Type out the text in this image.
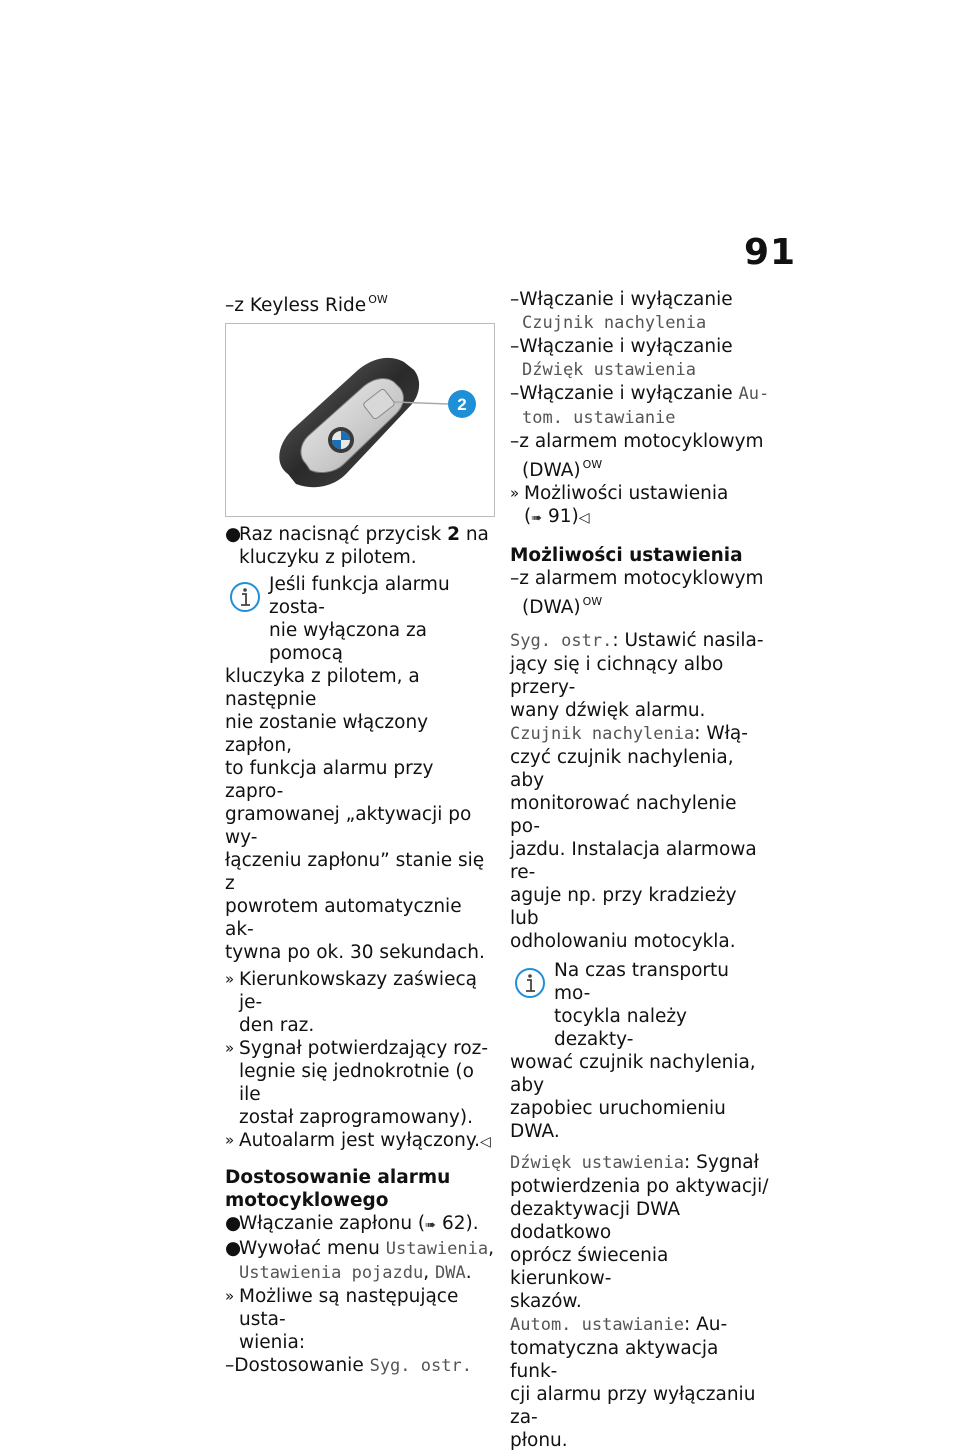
91
–z Keyless Ride $^{OW}$
2
●
Raz nacisnąć przycisk 2 na
kluczyku z pilotem.
Jeśli funkcja alarmu zosta-
nie wyłączona za pomocą
kluczyka z pilotem, a następnie
nie zostanie włączony zapłon,
to funkcja alarmu przy zapro-
gramowanej „aktywacji po wy-
łączeniu zapłonu” stanie się z
powrotem automatycznie ak-
tywna po ok. 30 sekundach.
» Kierunkowskazy zaświecą je-
den raz.
» Sygnał potwierdzający roz-
legnie się jednokrotnie (o ile
został zaprogramowany).
» Autoalarm jest wyłączony.◁
Dostosowanie alarmu
motocyklowego
●
Włączanie zapłonu (➠ 62).
●
Wywołać menu Ustawienia,
Ustawienia pojazdu, DWA.
» Możliwe są następujące usta-
wienia:
–Dostosowanie Syg. ostr.
–Włączanie i wyłączanie
Czujnik nachylenia
–Włączanie i wyłączanie
Dźwięk ustawienia
–Włączanie i wyłączanie Au-
tom. ustawianie
–z alarmem motocyklowym
(DWA) $^{OW}$
» Możliwości ustawienia
(➠ 91)◁
Możliwości ustawienia
–z alarmem motocyklowym
(DWA) $^{OW}$
Syg. ostr.: Ustawić nasila-
jący się i cichnący albo przery-
wany dźwięk alarmu.
Czujnik nachylenia: Włą-
czyć czujnik nachylenia, aby
monitorować nachylenie po-
jazdu. Instalacja alarmowa re-
aguje np. przy kradzieży lub
odholowaniu motocykla.
Na czas transportu mo-
tocykla należy dezakty-
wować czujnik nachylenia, aby
zapobiec uruchomieniu DWA.
Dźwięk ustawienia: Sygnał
potwierdzenia po aktywacji/
dezaktywacji DWA dodatkowo
oprócz świecenia kierunkow-
skazów.
Autom. ustawianie: Au-
tomatyczna aktywacja funk-
cji alarmu przy wyłączaniu za-
płonu.
